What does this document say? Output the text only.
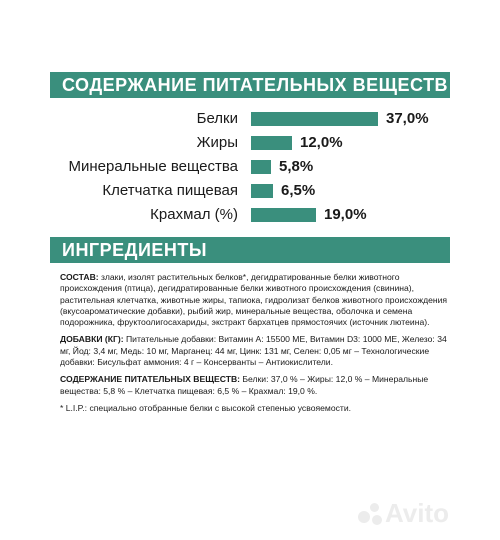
СОДЕРЖАНИЕ ПИТАТЕЛЬНЫХ ВЕЩЕСТВ
Белки	37,0%
Жиры	12,0%
Минеральные вещества	5,8%
Клетчатка пищевая	6,5%
Крахмал (%)	19,0%
ИНГРЕДИЕНТЫ

СОСТАВ: злаки, изолят растительных белков*, дегидратированные белки животного происхождения (птица), дегидратированные белки животного происхождения (свинина), растительная клетчатка, животные жиры, тапиока, гидролизат белков животного происхождения (вкусоароматические добавки), рыбий жир, минеральные вещества, оболочка и семена подорожника, фруктоолигосахариды, экстракт бархатцев прямостоячих (источник лютеина).

ДОБАВКИ (КГ): Питательные добавки: Витамин A: 15500 МЕ, Витамин D3: 1000 МЕ, Железо: 34 мг, Йод: 3,4 мг, Медь: 10 мг, Марганец: 44 мг, Цинк: 131 мг, Селен: 0,05 мг – Технологические добавки: Бисульфат аммония: 4 г – Консерванты – Антиокислители.

СОДЕРЖАНИЕ ПИТАТЕЛЬНЫХ ВЕЩЕСТВ: Белки: 37,0 % – Жиры: 12,0 % – Минеральные вещества: 5,8 % – Клетчатка пищевая: 6,5 % – Крахмал: 19,0 %.

* L.I.P.: специально отобранные белки с высокой степенью усвояемости.

Avito
